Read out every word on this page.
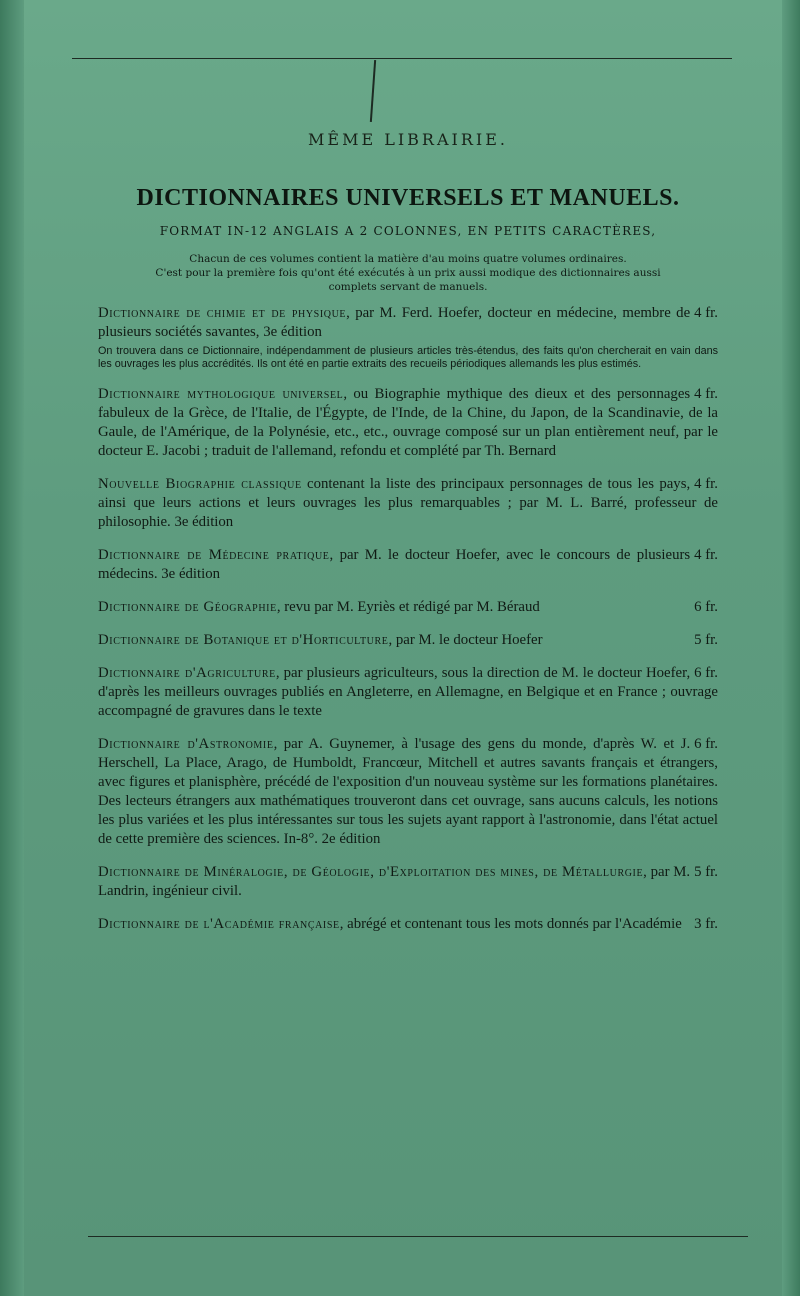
MÊME LIBRAIRIE.
DICTIONNAIRES UNIVERSELS ET MANUELS.
FORMAT IN-12 ANGLAIS A 2 COLONNES, EN PETITS CARACTÈRES,
Chacun de ces volumes contient la matière d'au moins quatre volumes ordinaires.
C'est pour la première fois qu'ont été exécutés à un prix aussi modique des dictionnaires aussi
complets servant de manuels.
4 fr.
Dictionnaire de chimie et de physique, par M. Ferd. Hoefer, docteur en médecine, membre de plusieurs sociétés savantes, 3e édition
On trouvera dans ce Dictionnaire, indépendamment de plusieurs articles très-étendus, des faits qu'on chercherait en vain dans les ouvrages les plus accrédités. Ils ont été en partie extraits des recueils périodiques allemands les plus estimés.
4 fr.
Dictionnaire mythologique universel, ou Biographie mythique des dieux et des personnages fabuleux de la Grèce, de l'Italie, de l'Égypte, de l'Inde, de la Chine, du Japon, de la Scandinavie, de la Gaule, de l'Amérique, de la Polynésie, etc., etc., ouvrage composé sur un plan entièrement neuf, par le docteur E. Jacobi ; traduit de l'allemand, refondu et complété par Th. Bernard
4 fr.
Nouvelle Biographie classique contenant la liste des principaux personnages de tous les pays, ainsi que leurs actions et leurs ouvrages les plus remarquables ; par M. L. Barré, professeur de philosophie. 3e édition
4 fr.
Dictionnaire de Médecine pratique, par M. le docteur Hoefer, avec le concours de plusieurs médecins. 3e édition
6 fr.
Dictionnaire de Géographie, revu par M. Eyriès et rédigé par M. Béraud
5 fr.
Dictionnaire de Botanique et d'Horticulture, par M. le docteur Hoefer
6 fr.
Dictionnaire d'Agriculture, par plusieurs agriculteurs, sous la direction de M. le docteur Hoefer, d'après les meilleurs ouvrages publiés en Angleterre, en Allemagne, en Belgique et en France ; ouvrage accompagné de gravures dans le texte
6 fr.
Dictionnaire d'Astronomie, par A. Guynemer, à l'usage des gens du monde, d'après W. et J. Herschell, La Place, Arago, de Humboldt, Francœur, Mitchell et autres savants français et étrangers, avec figures et planisphère, précédé de l'exposition d'un nouveau système sur les formations planétaires. Des lecteurs étrangers aux mathématiques trouveront dans cet ouvrage, sans aucuns calculs, les notions les plus variées et les plus intéressantes sur tous les sujets ayant rapport à l'astronomie, dans l'état actuel de cette première des sciences. In-8°. 2e édition
5 fr.
Dictionnaire de Minéralogie, de Géologie, d'Exploitation des mines, de Métallurgie, par M. Landrin, ingénieur civil.
3 fr.
Dictionnaire de l'Académie française, abrégé et contenant tous les mots donnés par l'Académie
